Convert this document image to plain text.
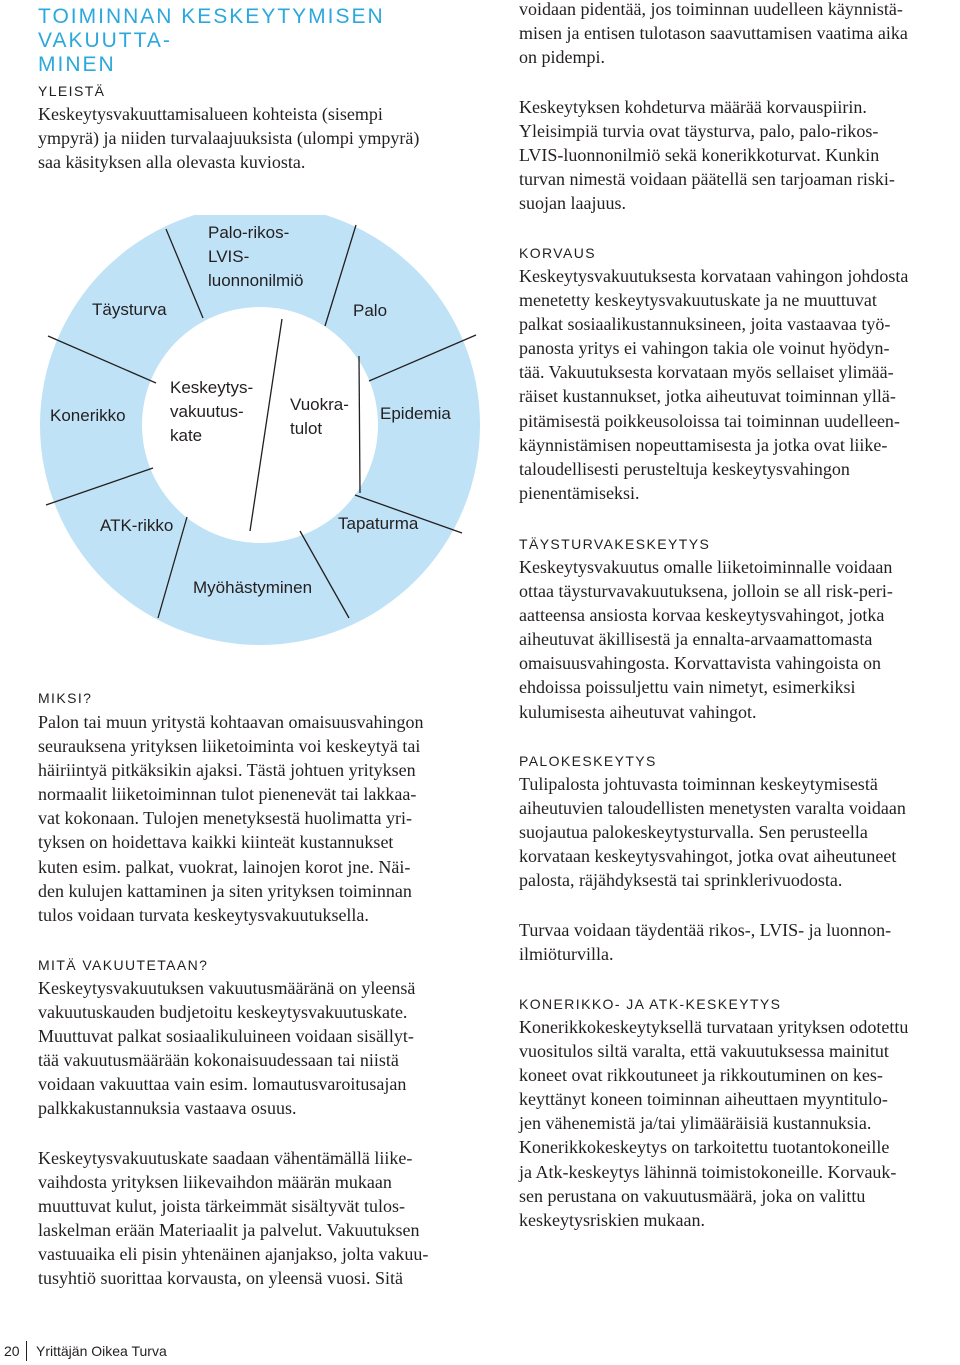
TOIMINNAN KESKEYTYMISEN VAKUUTTA-
MINEN
YLEISTÄ

Keskeytysvakuuttamisalueen kohteista (sisempi
ympyrä) ja niiden turvalaajuuksista (ulompi ympyrä)
saa käsityksen alla olevasta kuviosta.

MIKSI?

Palon tai muun yritystä kohtaavan omaisuusvahingon
seurauksena yrityksen liiketoiminta voi keskeytyä tai
häiriintyä pitkäksikin ajaksi. Tästä johtuen yrityksen
normaalit liiketoiminnan tulot pienenevät tai lakkaa-
vat kokonaan. Tulojen menetyksestä huolimatta yri-
tyksen on hoidettava kaikki kiinteät kustannukset
kuten esim. palkat, vuokrat, lainojen korot jne. Näi-
den kulujen kattaminen ja siten yrityksen toiminnan
tulos voidaan turvata keskeytysvakuutuksella.

MITÄ VAKUUTETAAN?

Keskeytysvakuutuksen vakuutusmääränä on yleensä
vakuutuskauden budjetoitu keskeytysvakuutuskate.
Muuttuvat palkat sosiaalikuluineen voidaan sisällyt-
tää vakuutusmäärään kokonaisuudessaan tai niistä
voidaan vakuuttaa vain esim. lomautusvaroitusajan
palkkakustannuksia vastaava osuus.

Keskeytysvakuutuskate saadaan vähentämällä liike-
vaihdosta yrityksen liikevaihdon määrän mukaan
muuttuvat kulut, joista tärkeimmät sisältyvät tulos-
laskelman erään Materiaalit ja palvelut. Vakuutuksen
vastuuaika eli pisin yhtenäinen ajanjakso, jolta vakuu-
tusyhtiö suorittaa korvausta, on yleensä vuosi. Sitä

Täysturva
Palo-rikos-
LVIS-
luonnonilmiö
Palo
Konerikko	Epidemia
ATK-rikko	Tapaturma
Myöhästyminen
Keskeytys-
vakuutus-
kate
Vuokra-
tulot

voidaan pidentää, jos toiminnan uudelleen käynnistä-
misen ja entisen tulotason saavuttamisen vaatima aika
on pidempi.

Keskeytyksen kohdeturva määrää korvauspiirin.
Yleisimpiä turvia ovat täysturva, palo, palo-rikos-
LVIS-luonnonilmiö sekä konerikkoturvat. Kunkin
turvan nimestä voidaan päätellä sen tarjoaman riski-
suojan laajuus.

KORVAUS

Keskeytysvakuutuksesta korvataan vahingon johdosta
menetetty keskeytysvakuutuskate ja ne muuttuvat
palkat sosiaalikustannuksineen, joita vastaavaa työ-
panosta yritys ei vahingon takia ole voinut hyödyn-
tää. Vakuutuksesta korvataan myös sellaiset ylimää-
räiset kustannukset, jotka aiheutuvat toiminnan yllä-
pitämisestä poikkeusoloissa tai toiminnan uudelleen-
käynnistämisen nopeuttamisesta ja jotka ovat liike-
taloudellisesti perusteltuja keskeytysvahingon
pienentämiseksi.

TÄYSTURVAKESKEYTYS

Keskeytysvakuutus omalle liiketoiminnalle voidaan
ottaa täysturvavakuutuksena, jolloin se all risk-peri-
aatteensa ansiosta korvaa keskeytysvahingot, jotka
aiheutuvat äkillisestä ja ennalta-arvaamattomasta
omaisuusvahingosta. Korvattavista vahingoista on
ehdoissa poissuljettu vain nimetyt, esimerkiksi
kulumisesta aiheutuvat vahingot.

PALOKESKEYTYS

Tulipalosta johtuvasta toiminnan keskeytymisestä
aiheutuvien taloudellisten menetysten varalta voidaan
suojautua palokeskeytysturvalla. Sen perusteella
korvataan keskeytysvahingot, jotka ovat aiheutuneet
palosta, räjähdyksestä tai sprinklerivuodosta.

Turvaa voidaan täydentää rikos-, LVIS- ja luonnon-
ilmiöturvilla.

KONERIKKO- JA ATK-KESKEYTYS

Konerikkokeskeytyksellä turvataan yrityksen odotettu
vuositulos siltä varalta, että vakuutuksessa mainitut
koneet ovat rikkoutuneet ja rikkoutuminen on kes-
keyttänyt koneen toiminnan aiheuttaen myyntitulo-
jen vähenemistä ja/tai ylimääräisiä kustannuksia.
Konerikkokeskeytys on tarkoitettu tuotantokoneille
ja Atk-keskeytys lähinnä toimistokoneille. Korvauk-
sen perustana on vakuutusmäärä, joka on valittu
keskeytysriskien mukaan.

20 Yrittäjän Oikea Turva
